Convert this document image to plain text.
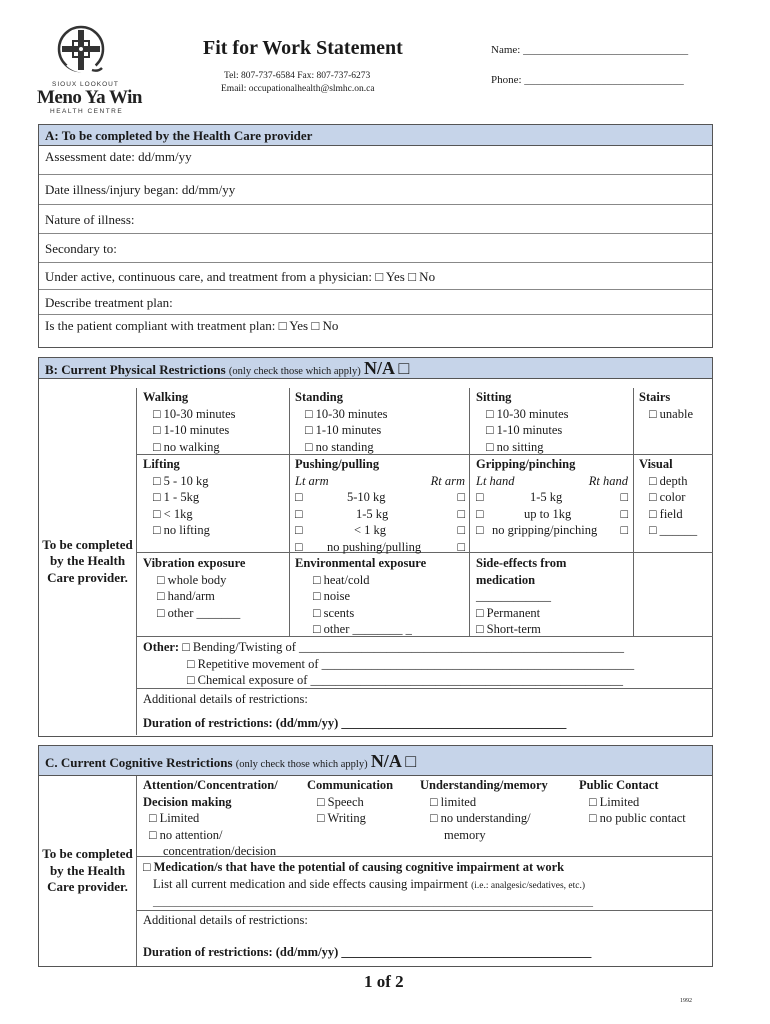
SIOUX LOOKOUT
Meno Ya Win
HEALTH CENTRE
Fit for Work Statement
Tel: 807-737-6584 Fax: 807-737-6273
Email: occupationalhealth@slmhc.on.ca
Name: ______________________________
Phone: _____________________________
A: To be completed by the Health Care provider
Assessment date: dd/mm/yy
Date illness/injury began: dd/mm/yy
Nature of illness:
Secondary to:
Under active, continuous care, and treatment from a physician: □ Yes □ No
Describe treatment plan:
Is the patient compliant with treatment plan: □ Yes □ No
B: Current Physical Restrictions (only check those which apply) N/A □
To be completed by the Health Care provider.
Walking
□ 10-30 minutes
□ 1-10 minutes
□ no walking
Standing
□ 10-30 minutes
□ 1-10 minutes
□ no standing
Sitting
□ 10-30 minutes
□ 1-10 minutes
□ no sitting
Stairs
□ unable
Lifting
□ 5 - 10 kg
□ 1 - 5kg
□ < 1kg
□ no lifting
Pushing/pulling
Lt arm	Rt arm
□	5-10 kg	□
□	1-5 kg	□
□	< 1 kg	□
□ no pushing/pulling	□
Gripping/pinching
Lt hand	Rt hand
□	1-5 kg	□
□	up to 1kg	□
□ no gripping/pinching □
Visual
□ depth
□ color
□ field
□ ______
Vibration exposure
□ whole body
□ hand/arm
□ other _______
Environmental exposure
□ heat/cold
□ noise
□ scents
□ other ________ _
Side-effects from medication
____________
□ Permanent
□ Short-term
Other: □ Bending/Twisting of ____________________________________________________
□ Repetitive movement of __________________________________________________
□ Chemical exposure of __________________________________________________
Additional details of restrictions:
Duration of restrictions: (dd/mm/yy) ____________________________________
C. Current Cognitive Restrictions (only check those which apply) N/A □
To be completed by the Health Care provider.
Attention/Concentration/
Decision making
□ Limited
□ no attention/
concentration/decision
Communication
□ Speech
□ Writing
Understanding/memory
□ limited
□ no understanding/
memory
Public Contact
□ Limited
□ no public contact
□ Medication/s that have the potential of causing cognitive impairment at work
List all current medication and side effects causing impairment (i.e.: analgesic/sedatives, etc.)
________________________________________________________________________________
Additional details of restrictions:
Duration of restrictions: (dd/mm/yy) ________________________________________
1 of 2
1992
